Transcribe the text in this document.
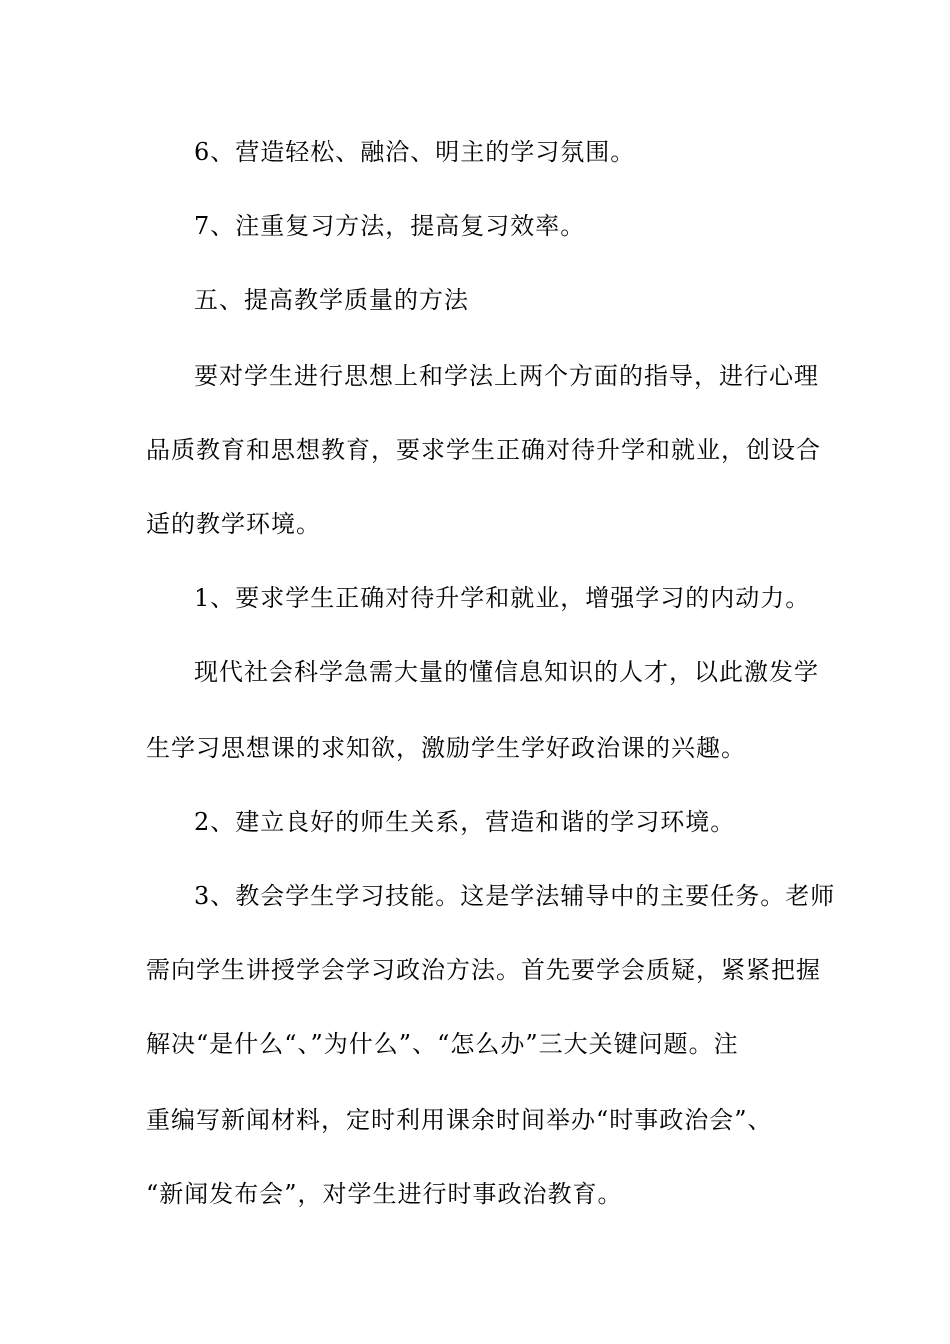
6、营造轻松、融洽、明主的学习氛围。
7、注重复习方法，提高复习效率。
五、提高教学质量的方法
要对学生进行思想上和学法上两个方面的指导，进行心理
品质教育和思想教育，要求学生正确对待升学和就业，创设合
适的教学环境。
1、要求学生正确对待升学和就业，增强学习的内动力。
现代社会科学急需大量的懂信息知识的人才，以此激发学
生学习思想课的求知欲，激励学生学好政治课的兴趣。
2、建立良好的师生关系，营造和谐的学习环境。
3、教会学生学习技能。这是学法辅导中的主要任务。老师
需向学生讲授学会学习政治方法。首先要学会质疑，紧紧把握
解决“是什么“、”为什么”、“怎么办”三大关键问题。注
重编写新闻材料，定时利用课余时间举办“时事政治会”、
“新闻发布会”，对学生进行时事政治教育。
